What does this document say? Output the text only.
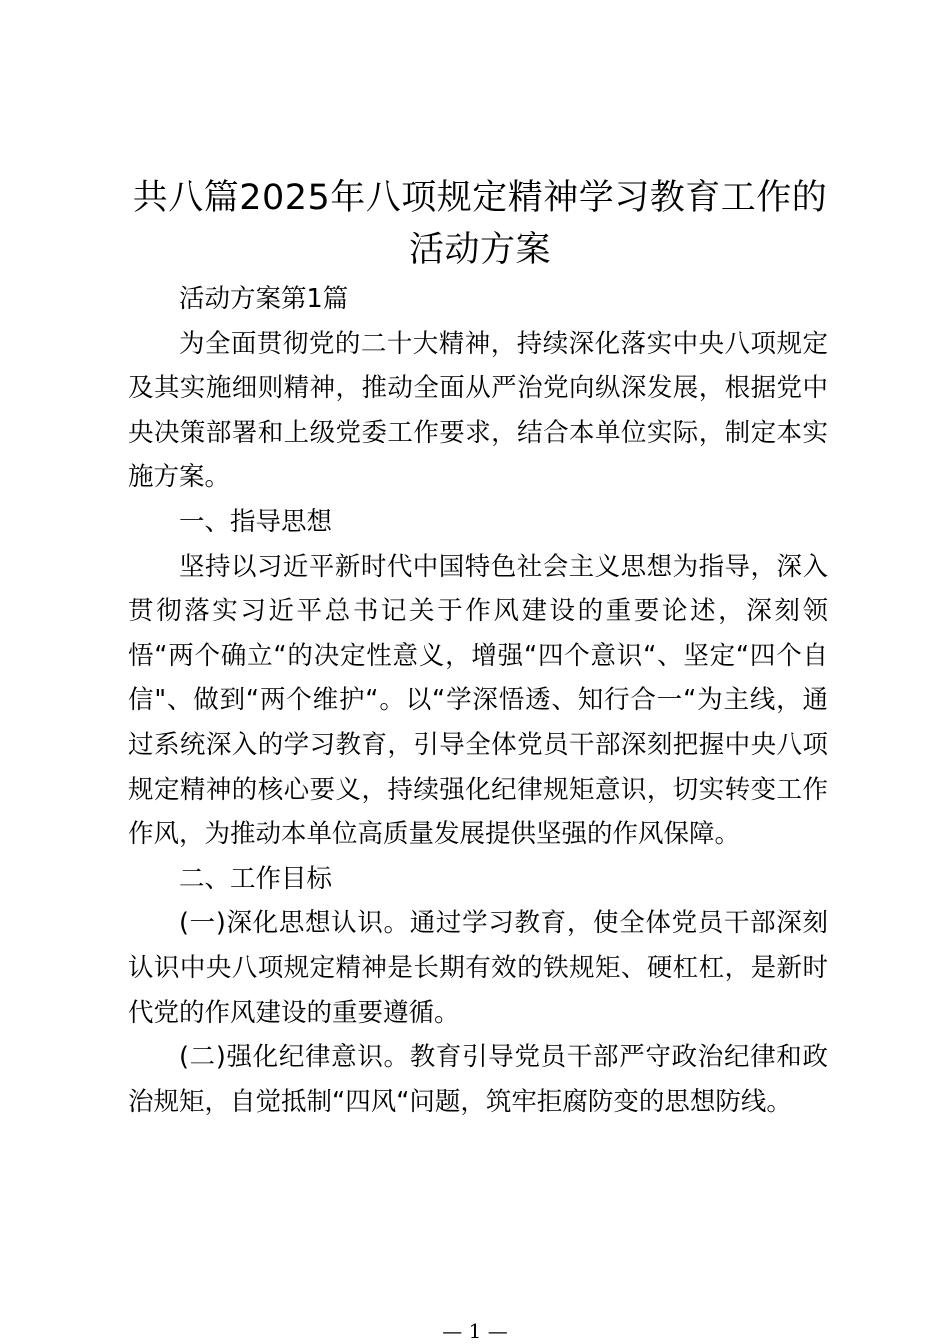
共八篇2025年八项规定精神学习教育工作的
活动方案

活动方案第1篇

为全面贯彻党的二十大精神，持续深化落实中央八项规定及其实施细则精神，推动全面从严治党向纵深发展，根据党中央决策部署和上级党委工作要求，结合本单位实际，制定本实施方案。

一、指导思想

坚持以习近平新时代中国特色社会主义思想为指导，深入贯彻落实习近平总书记关于作风建设的重要论述，深刻领悟“两个确立“的决定性意义，增强“四个意识“、坚定“四个自信"、做到“两个维护“。以“学深悟透、知行合一“为主线，通过系统深入的学习教育，引导全体党员干部深刻把握中央八项规定精神的核心要义，持续强化纪律规矩意识，切实转变工作作风，为推动本单位高质量发展提供坚强的作风保障。

二、工作目标

(一)深化思想认识。通过学习教育，使全体党员干部深刻认识中央八项规定精神是长期有效的铁规矩、硬杠杠，是新时代党的作风建设的重要遵循。

(二)强化纪律意识。教育引导党员干部严守政治纪律和政治规矩，自觉抵制“四风“问题，筑牢拒腐防变的思想防线。

— 1 —
